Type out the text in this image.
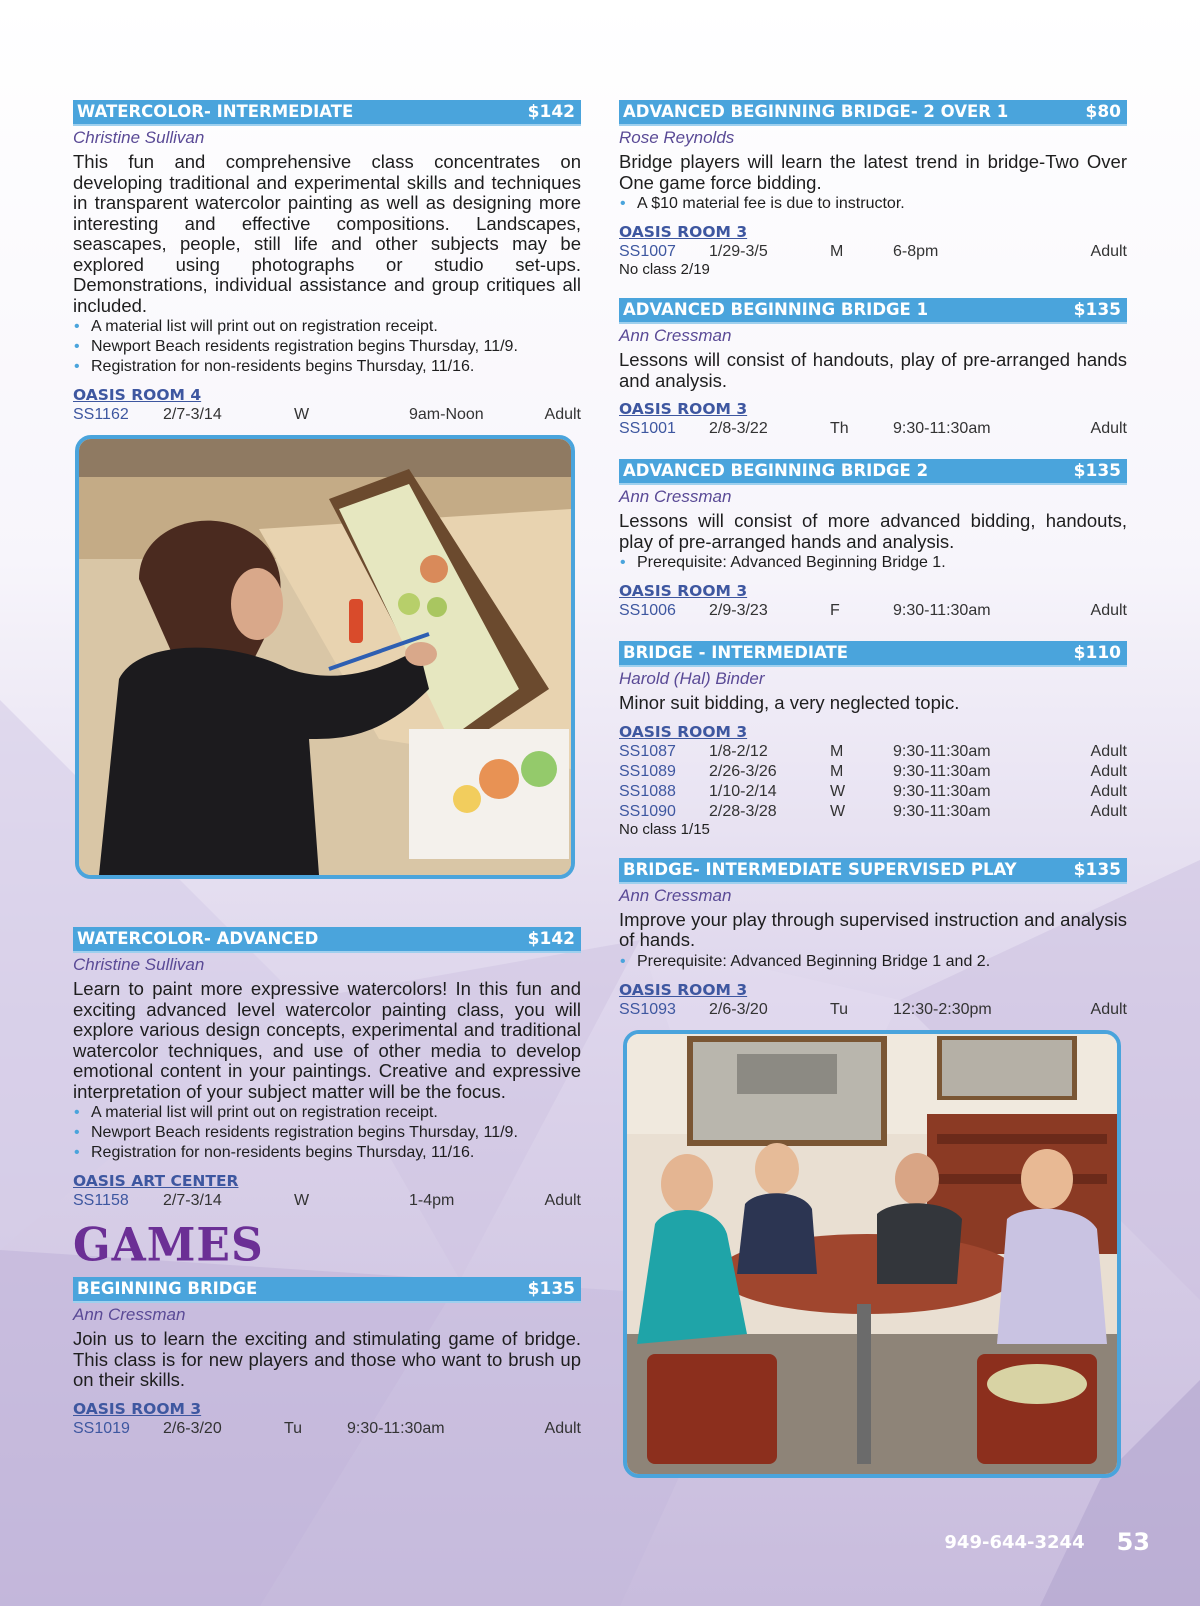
WATERCOLOR- INTERMEDIATE	$142
Christine Sullivan

This fun and comprehensive class concentrates on developing traditional and experimental skills and techniques in transparent watercolor painting as well as designing more interesting and effective compositions. Landscapes, seascapes, people, still life and other subjects may be explored using photographs or studio set-ups. Demonstrations, individual assistance and group critiques all included.

• A material list will print out on registration receipt.
• Newport Beach residents registration begins Thursday, 11/9.
• Registration for non-residents begins Thursday, 11/16.
OASIS ROOM 4
SS1162	2/7-3/14	W	9am-Noon	Adult
WATERCOLOR- ADVANCED	$142
Christine Sullivan

Learn to paint more expressive watercolors! In this fun and exciting advanced level watercolor painting class, you will explore various design concepts, experimental and traditional watercolor techniques, and use of other media to develop emotional content in your paintings. Creative and expressive interpretation of your subject matter will be the focus.

• A material list will print out on registration receipt.
• Newport Beach residents registration begins Thursday, 11/9.
• Registration for non-residents begins Thursday, 11/16.
OASIS ART CENTER
SS1158	2/7-3/14	W	1-4pm	Adult
GAMES
BEGINNING BRIDGE	$135
Ann Cressman

Join us to learn the exciting and stimulating game of bridge. This class is for new players and those who want to brush up on their skills.

OASIS ROOM 3
SS1019	2/6-3/20	Tu	9:30-11:30am	Adult
ADVANCED BEGINNING BRIDGE- 2 OVER 1	$80
Rose Reynolds

Bridge players will learn the latest trend in bridge-Two Over One game force bidding.

• A $10 material fee is due to instructor.
OASIS ROOM 3
SS1007	1/29-3/5	M	6-8pm	Adult
No class 2/19
ADVANCED BEGINNING BRIDGE 1	$135
Ann Cressman

Lessons will consist of handouts, play of pre-arranged hands and analysis.

OASIS ROOM 3
SS1001	2/8-3/22	Th	9:30-11:30am	Adult
ADVANCED BEGINNING BRIDGE 2	$135
Ann Cressman

Lessons will consist of more advanced bidding, handouts, play of pre-arranged hands and analysis.

• Prerequisite: Advanced Beginning Bridge 1.
OASIS ROOM 3
SS1006	2/9-3/23	F	9:30-11:30am	Adult
BRIDGE - INTERMEDIATE	$110
Harold (Hal) Binder

Minor suit bidding, a very neglected topic.

OASIS ROOM 3
SS1087	1/8-2/12	M	9:30-11:30am	Adult
SS1089	2/26-3/26	M	9:30-11:30am	Adult
SS1088	1/10-2/14	W	9:30-11:30am	Adult
SS1090	2/28-3/28	W	9:30-11:30am	Adult
No class 1/15
BRIDGE- INTERMEDIATE SUPERVISED PLAY	$135
Ann Cressman

Improve your play through supervised instruction and analysis of hands.

• Prerequisite: Advanced Beginning Bridge 1 and 2.
OASIS ROOM 3
SS1093	2/6-3/20	Tu	12:30-2:30pm	Adult
949-644-3244 53
